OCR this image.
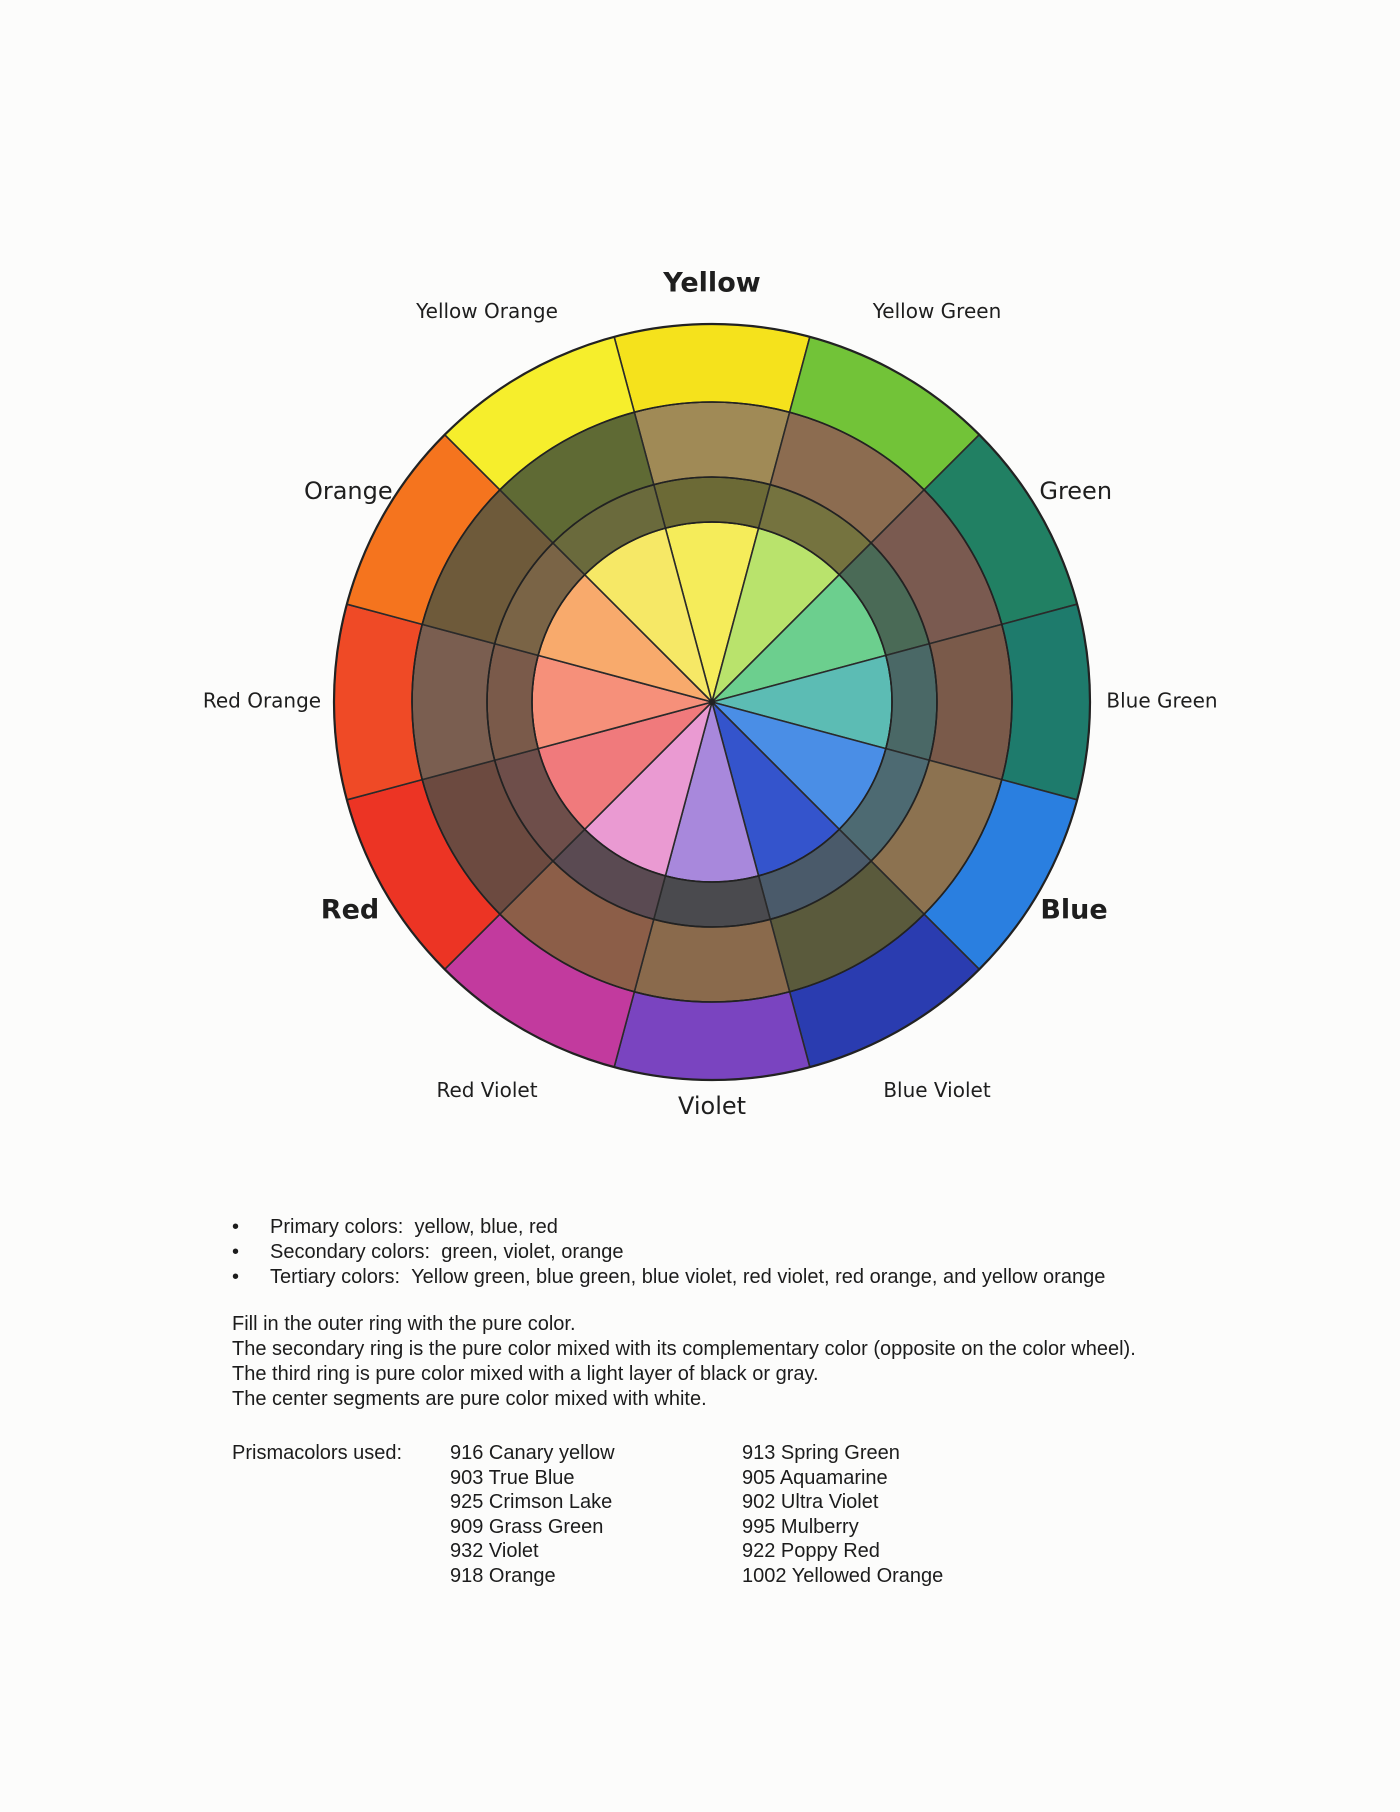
Yellow
Yellow Green
Green
Blue Green
Blue
Blue Violet
Violet
Red Violet
Red
Red Orange
Orange
Yellow Orange
• Primary colors: yellow, blue, red
• Secondary colors: green, violet, orange
• Tertiary colors: Yellow green, blue green, blue violet, red violet, red orange, and yellow orange
Fill in the outer ring with the pure color.
The secondary ring is the pure color mixed with its complementary color (opposite on the color wheel).
The third ring is pure color mixed with a light layer of black or gray.
The center segments are pure color mixed with white.
Prismacolors used: 916 Canary yellow
903 True Blue
925 Crimson Lake
909 Grass Green
932 Violet
918 Orange
913 Spring Green
905 Aquamarine
902 Ultra Violet
995 Mulberry
922 Poppy Red
1002 Yellowed Orange
